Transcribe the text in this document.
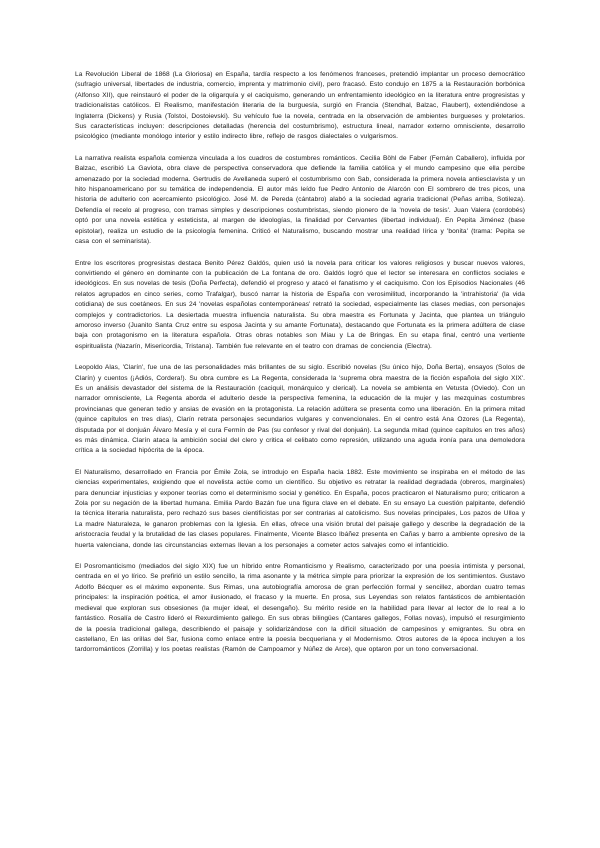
La Revolución Liberal de 1868 (La Gloriosa) en España, tardía respecto a los fenómenos franceses, pretendió implantar un proceso democrático (sufragio universal, libertades de industria, comercio, imprenta y matrimonio civil), pero fracasó. Esto condujo en 1875 a la Restauración borbónica (Alfonso XII), que reinstauró el poder de la oligarquía y el caciquismo, generando un enfrentamiento ideológico en la literatura entre progresistas y tradicionalistas católicos. El Realismo, manifestación literaria de la burguesía, surgió en Francia (Stendhal, Balzac, Flaubert), extendiéndose a Inglaterra (Dickens) y Rusia (Tolstoi, Dostoievski). Su vehículo fue la novela, centrada en la observación de ambientes burgueses y proletarios. Sus características incluyen: descripciones detalladas (herencia del costumbrismo), estructura lineal, narrador externo omnisciente, desarrollo psicológico (mediante monólogo interior y estilo indirecto libre, reflejo de rasgos dialectales o vulgarismos.

La narrativa realista española comienza vinculada a los cuadros de costumbres románticos. Cecilia Böhl de Faber (Fernán Caballero), influida por Balzac, escribió La Gaviota, obra clave de perspectiva conservadora que defiende la familia católica y el mundo campesino que ella percibe amenazado por la sociedad moderna. Gertrudis de Avellaneda superó el costumbrismo con Sab, considerada la primera novela antiesclavista y un hito hispanoamericano por su temática de independencia. El autor más leído fue Pedro Antonio de Alarcón con El sombrero de tres picos, una historia de adulterio con acercamiento psicológico. José M. de Pereda (cántabro) alabó a la sociedad agraria tradicional (Peñas arriba, Sotileza). Defendía el recelo al progreso, con tramas simples y descripciones costumbristas, siendo pionero de la 'novela de tesis'. Juan Valera (cordobés) optó por una novela estética y esteticista, al margen de ideologías, la finalidad por Cervantes (libertad individual). En Pepita Jiménez (base epistolar), realiza un estudio de la psicología femenina. Criticó el Naturalismo, buscando mostrar una realidad lírica y 'bonita' (trama: Pepita se casa con el seminarista).

Entre los escritores progresistas destaca Benito Pérez Galdós, quien usó la novela para criticar los valores religiosos y buscar nuevos valores, convirtiendo el género en dominante con la publicación de La fontana de oro. Galdós logró que el lector se interesara en conflictos sociales e ideológicos. En sus novelas de tesis (Doña Perfecta), defendió el progreso y atacó el fanatismo y el caciquismo. Con los Episodios Nacionales (46 relatos agrupados en cinco series, como Trafalgar), buscó narrar la historia de España con verosimilitud, incorporando la 'intrahistoria' (la vida cotidiana) de sus coetáneos. En sus 24 'novelas españolas contemporáneas' retrató la sociedad, especialmente las clases medias, con personajes complejos y contradictorios. La desiertada muestra influencia naturalista. Su obra maestra es Fortunata y Jacinta, que plantea un triángulo amoroso inverso (Juanito Santa Cruz entre su esposa Jacinta y su amante Fortunata), destacando que Fortunata es la primera adúltera de clase baja con protagonismo en la literatura española. Otras obras notables son Miau y La de Bringas. En su etapa final, centró una vertiente espiritualista (Nazarín, Misericordia, Tristana). También fue relevante en el teatro con dramas de conciencia (Electra).

Leopoldo Alas, 'Clarín', fue una de las personalidades más brillantes de su siglo. Escribió novelas (Su único hijo, Doña Berta), ensayos (Solos de Clarín) y cuentos (¡Adiós, Cordera!). Su obra cumbre es La Regenta, considerada la 'suprema obra maestra de la ficción española del siglo XIX'. Es un análisis devastador del sistema de la Restauración (caciquil, monárquico y clerical). La novela se ambienta en Vetusta (Oviedo). Con un narrador omnisciente, La Regenta aborda el adulterio desde la perspectiva femenina, la educación de la mujer y las mezquinas costumbres provincianas que generan tedio y ansias de evasión en la protagonista. La relación adúltera se presenta como una liberación. En la primera mitad (quince capítulos en tres días), Clarín retrata personajes secundarios vulgares y convencionales. En el centro está Ana Ozores (La Regenta), disputada por el donjuán Álvaro Mesía y el cura Fermín de Pas (su confesor y rival del donjuán). La segunda mitad (quince capítulos en tres años) es más dinámica. Clarín ataca la ambición social del clero y critica el celibato como represión, utilizando una aguda ironía para una demoledora crítica a la sociedad hipócrita de la época.

El Naturalismo, desarrollado en Francia por Émile Zola, se introdujo en España hacia 1882. Este movimiento se inspiraba en el método de las ciencias experimentales, exigiendo que el novelista actúe como un científico. Su objetivo es retratar la realidad degradada (obreros, marginales) para denunciar injusticias y exponer teorías como el determinismo social y genético. En España, pocos practicaron el Naturalismo puro; criticaron a Zola por su negación de la libertad humana. Emilia Pardo Bazán fue una figura clave en el debate. En su ensayo La cuestión palpitante, defendió la técnica literaria naturalista, pero rechazó sus bases cientificistas por ser contrarias al catolicismo. Sus novelas principales, Los pazos de Ulloa y La madre Naturaleza, le ganaron problemas con la Iglesia. En ellas, ofrece una visión brutal del paisaje gallego y describe la degradación de la aristocracia feudal y la brutalidad de las clases populares. Finalmente, Vicente Blasco Ibáñez presenta en Cañas y barro a ambiente opresivo de la huerta valenciana, donde las circunstancias externas llevan a los personajes a cometer actos salvajes como el infanticidio.

El Posromanticismo (mediados del siglo XIX) fue un híbrido entre Romanticismo y Realismo, caracterizado por una poesía intimista y personal, centrada en el yo lírico. Se prefirió un estilo sencillo, la rima asonante y la métrica simple para priorizar la expresión de los sentimientos. Gustavo Adolfo Bécquer es el máximo exponente. Sus Rimas, una autobiografía amorosa de gran perfección formal y sencillez, abordan cuatro temas principales: la inspiración poética, el amor ilusionado, el fracaso y la muerte. En prosa, sus Leyendas son relatos fantásticos de ambientación medieval que exploran sus obsesiones (la mujer ideal, el desengaño). Su mérito reside en la habilidad para llevar al lector de lo real a lo fantástico. Rosalía de Castro lideró el Rexurdimiento gallego. En sus obras bilingües (Cantares gallegos, Follas novas), impulsó el resurgimiento de la poesía tradicional gallega, describiendo el paisaje y solidarizándose con la difícil situación de campesinos y emigrantes. Su obra en castellano, En las orillas del Sar, fusiona como enlace entre la poesía becqueriana y el Modernismo. Otros autores de la época incluyen a los tardorrománticos (Zorrilla) y los poetas realistas (Ramón de Campoamor y Núñez de Arce), que optaron por un tono conversacional.
